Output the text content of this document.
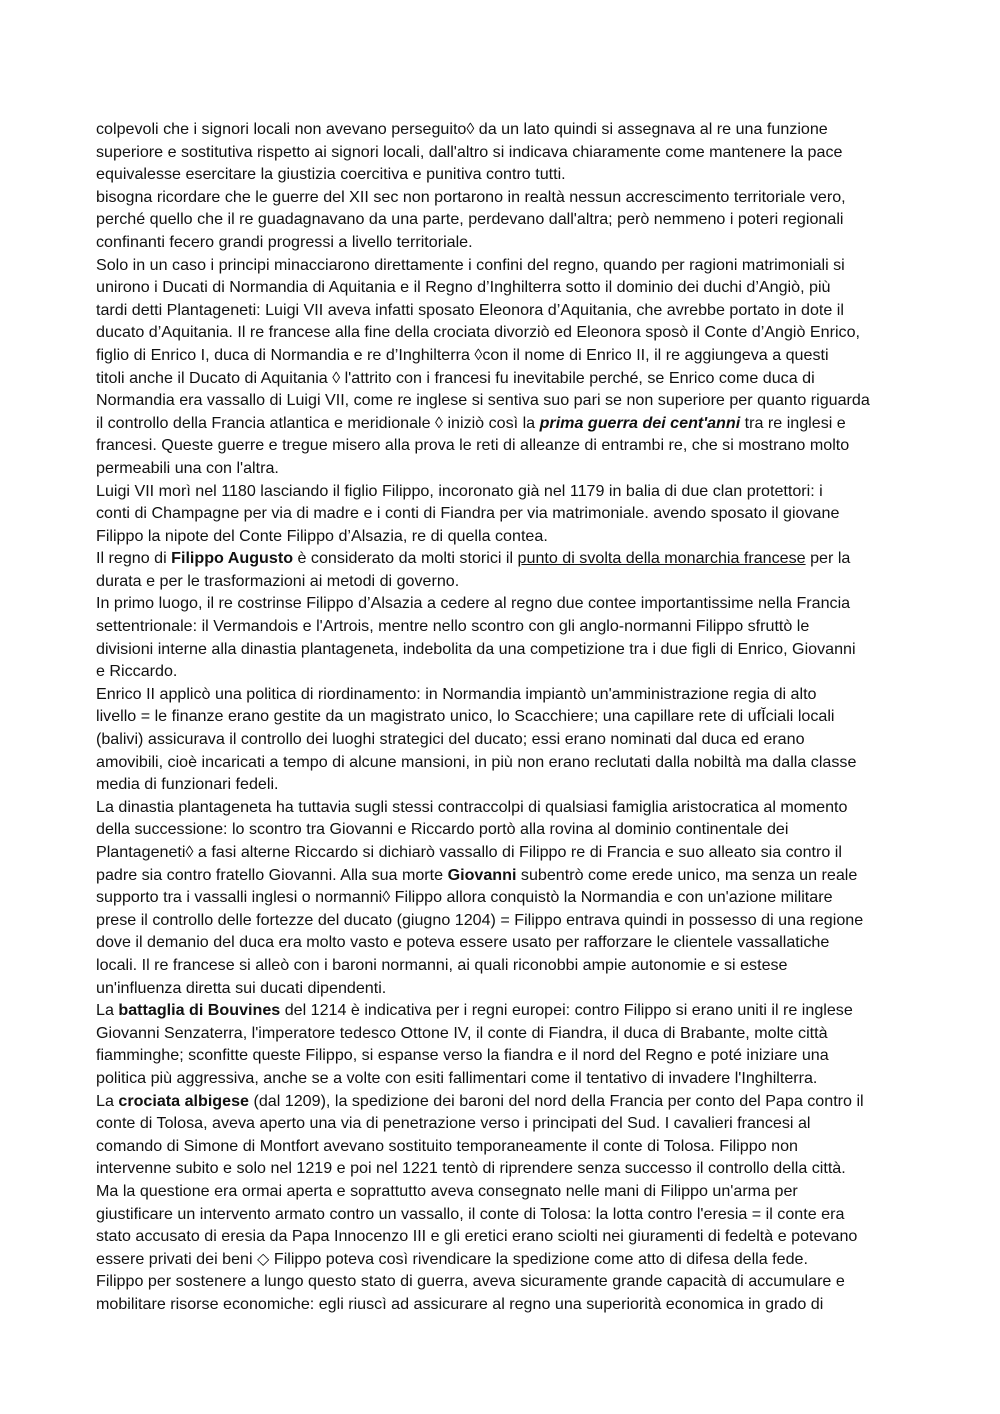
colpevoli che i signori locali non avevano perseguito◊ da un lato quindi si assegnava al re una funzione

superiore e sostitutiva rispetto ai signori locali, dall'altro si indicava chiaramente come mantenere la pace

equivalesse esercitare la giustizia coercitiva e punitiva contro tutti.

bisogna ricordare che le guerre del XII sec non portarono in realtà nessun accrescimento territoriale vero,

perché quello che il re guadagnavano da una parte, perdevano dall'altra; però nemmeno i poteri regionali

confinanti fecero grandi progressi a livello territoriale.

Solo in un caso i principi minacciarono direttamente i confini del regno, quando per ragioni matrimoniali si

unirono i Ducati di Normandia di Aquitania e il Regno d’Inghilterra sotto il dominio dei duchi d’Angiò, più

tardi detti Plantageneti: Luigi VII aveva infatti sposato Eleonora d’Aquitania, che avrebbe portato in dote il

ducato d’Aquitania. Il re francese alla fine della crociata divorziò ed Eleonora sposò il Conte d’Angiò Enrico,

figlio di Enrico I, duca di Normandia e re d’Inghilterra ◊con il nome di Enrico II, il re aggiungeva a questi

titoli anche il Ducato di Aquitania ◊ l'attrito con i francesi fu inevitabile perché, se Enrico come duca di

Normandia era vassallo di Luigi VII, come re inglese si sentiva suo pari se non superiore per quanto riguarda

il controllo della Francia atlantica e meridionale ◊ iniziò così la prima guerra dei cent'anni tra re inglesi e

francesi. Queste guerre e tregue misero alla prova le reti di alleanze di entrambi re, che si mostrano molto

permeabili una con l'altra.

Luigi VII morì nel 1180 lasciando il figlio Filippo, incoronato già nel 1179 in balia di due clan protettori: i

conti di Champagne per via di madre e i conti di Fiandra per via matrimoniale. avendo sposato il giovane

Filippo la nipote del Conte Filippo d’Alsazia, re di quella contea.

Il regno di Filippo Augusto è considerato da molti storici il punto di svolta della monarchia francese per la

durata e per le trasformazioni ai metodi di governo.

In primo luogo, il re costrinse Filippo d’Alsazia a cedere al regno due contee importantissime nella Francia

settentrionale: il Vermandois e l'Artrois, mentre nello scontro con gli anglo-normanni Filippo sfruttò le

divisioni interne alla dinastia plantageneta, indebolita da una competizione tra i due figli di Enrico, Giovanni

e Riccardo.

Enrico II applicò una politica di riordinamento: in Normandia impiantò un'amministrazione regia di alto

livello = le finanze erano gestite da un magistrato unico, lo Scacchiere; una capillare rete di ufĬciali locali

(balivi) assicurava il controllo dei luoghi strategici del ducato; essi erano nominati dal duca ed erano

amovibili, cioè incaricati a tempo di alcune mansioni, in più non erano reclutati dalla nobiltà ma dalla classe

media di funzionari fedeli.

La dinastia plantageneta ha tuttavia sugli stessi contraccolpi di qualsiasi famiglia aristocratica al momento

della successione: lo scontro tra Giovanni e Riccardo portò alla rovina al dominio continentale dei

Plantageneti◊ a fasi alterne Riccardo si dichiarò vassallo di Filippo re di Francia e suo alleato sia contro il

padre sia contro fratello Giovanni. Alla sua morte Giovanni subentrò come erede unico, ma senza un reale

supporto tra i vassalli inglesi o normanni◊ Filippo allora conquistò la Normandia e con un'azione militare

prese il controllo delle fortezze del ducato (giugno 1204) = Filippo entrava quindi in possesso di una regione

dove il demanio del duca era molto vasto e poteva essere usato per rafforzare le clientele vassallatiche

locali. Il re francese si alleò con i baroni normanni, ai quali riconobbi ampie autonomie e si estese

un'influenza diretta sui ducati dipendenti.

La battaglia di Bouvines del 1214 è indicativa per i regni europei: contro Filippo si erano uniti il re inglese

Giovanni Senzaterra, l'imperatore tedesco Ottone IV, il conte di Fiandra, il duca di Brabante, molte città

fiamminghe; sconfitte queste Filippo, si espanse verso la fiandra e il nord del Regno e poté iniziare una

politica più aggressiva, anche se a volte con esiti fallimentari come il tentativo di invadere l'Inghilterra.

La crociata albigese (dal 1209), la spedizione dei baroni del nord della Francia per conto del Papa contro il

conte di Tolosa, aveva aperto una via di penetrazione verso i principati del Sud. I cavalieri francesi al

comando di Simone di Montfort avevano sostituito temporaneamente il conte di Tolosa. Filippo non

intervenne subito e solo nel 1219 e poi nel 1221 tentò di riprendere senza successo il controllo della città.

Ma la questione era ormai aperta e soprattutto aveva consegnato nelle mani di Filippo un'arma per

giustificare un intervento armato contro un vassallo, il conte di Tolosa: la lotta contro l'eresia = il conte era

stato accusato di eresia da Papa Innocenzo III e gli eretici erano sciolti nei giuramenti di fedeltà e potevano

essere privati dei beni ◇ Filippo poteva così rivendicare la spedizione come atto di difesa della fede.

Filippo per sostenere a lungo questo stato di guerra, aveva sicuramente grande capacità di accumulare e

mobilitare risorse economiche: egli riuscì ad assicurare al regno una superiorità economica in grado di
